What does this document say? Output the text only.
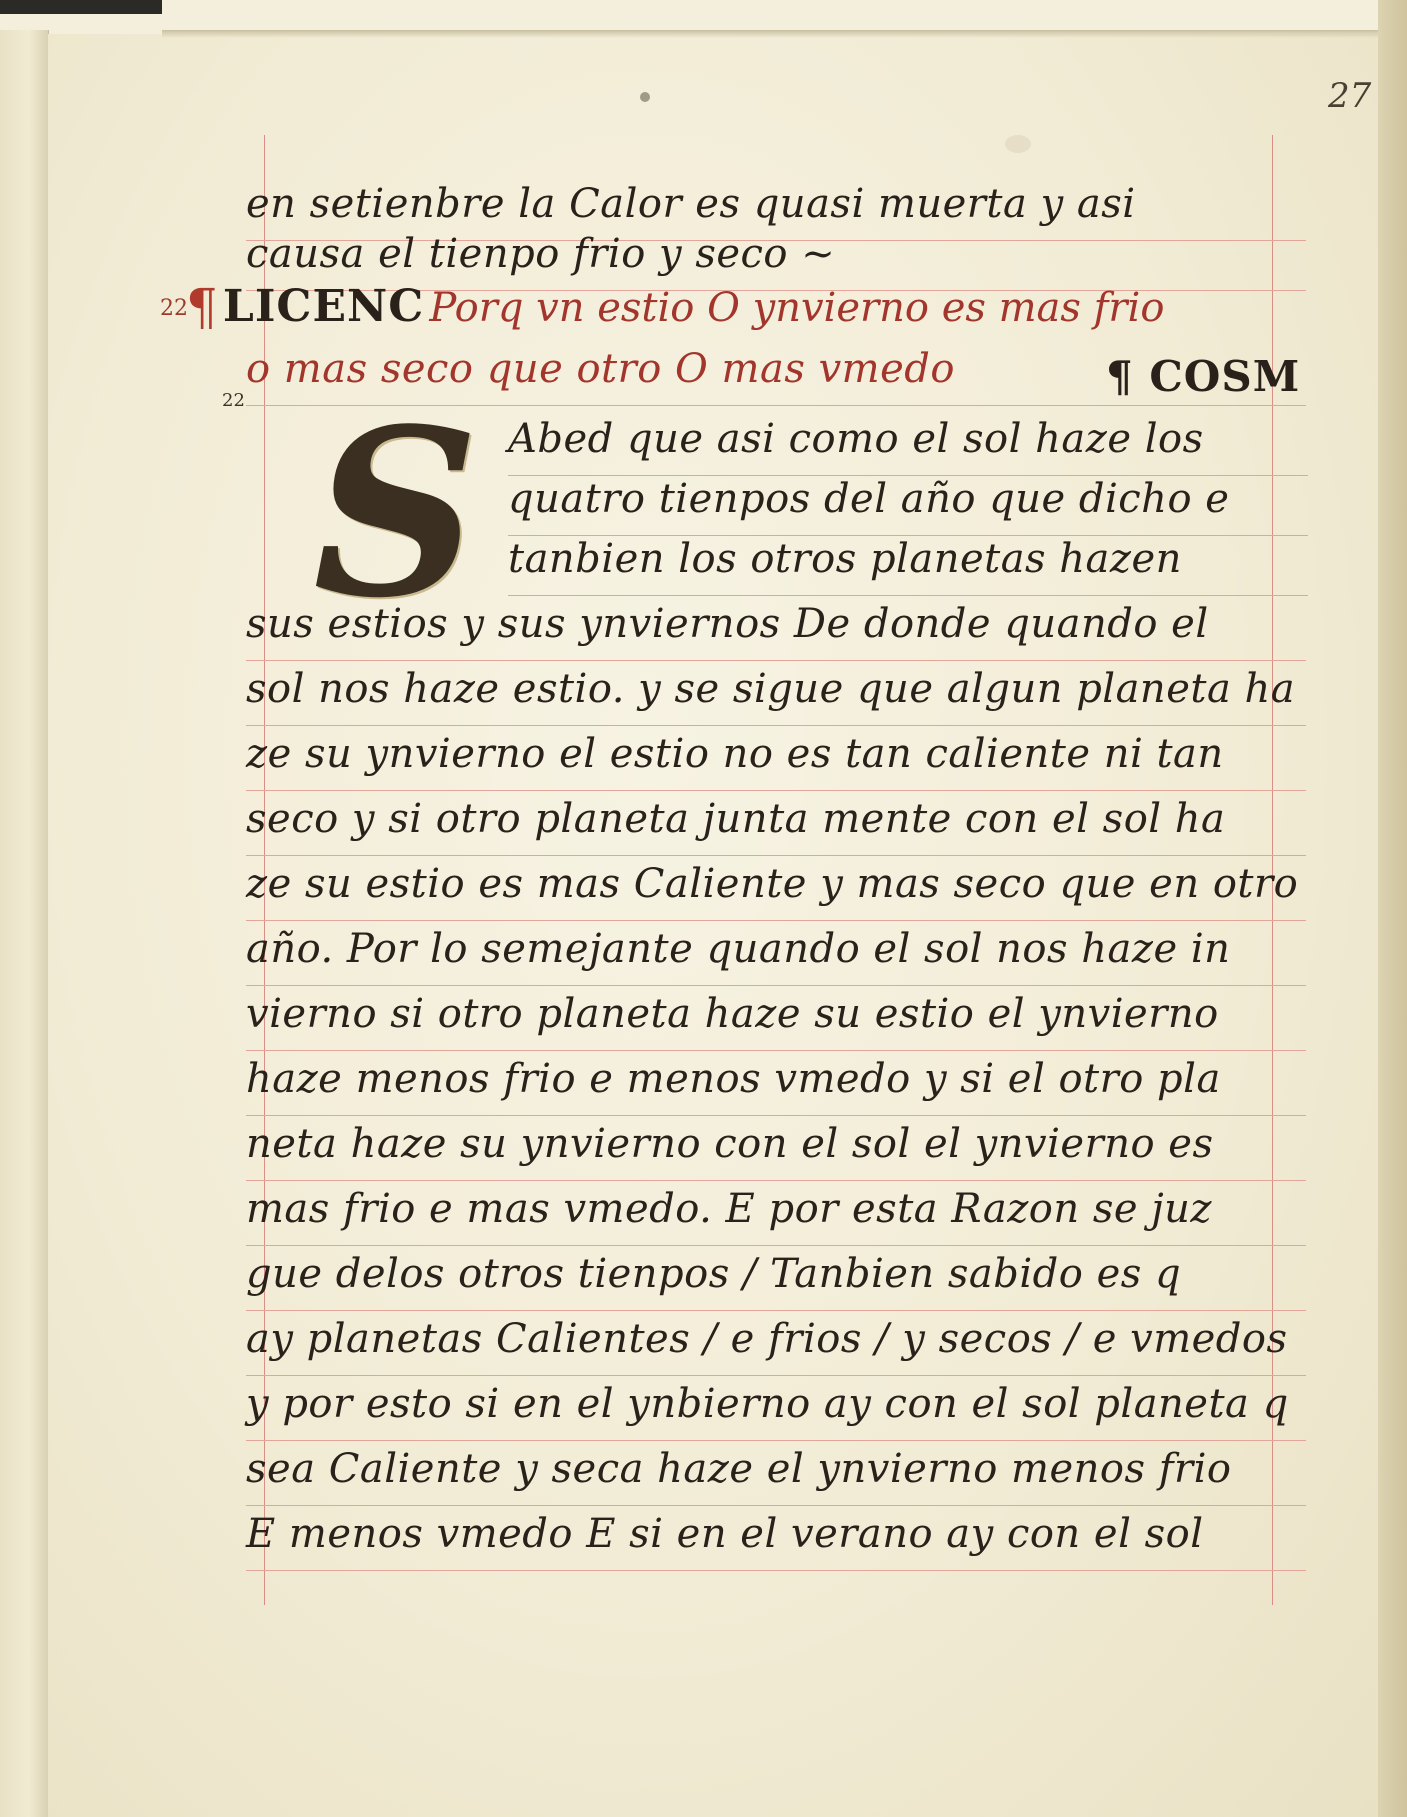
27
en setienbre la Calor es quasi muerta y asi
causa el tienpo frio y seco ~
o mas seco que otro O mas vmedo
Abed que asi como el sol haze los
quatro tienpos del año que dicho e
tanbien los otros planetas hazen
sus estios y sus ynviernos De donde quando el
sol nos haze estio. y se sigue que algun planeta ha
ze su ynvierno el estio no es tan caliente ni tan
seco y si otro planeta junta mente con el sol ha
ze su estio es mas Caliente y mas seco que en otro
año. Por lo semejante quando el sol nos haze in
vierno si otro planeta haze su estio el ynvierno
haze menos frio e menos vmedo y si el otro pla
neta haze su ynvierno con el sol el ynvierno es
mas frio e mas vmedo. E por esta Razon se juz
gue delos otros tienpos / Tanbien sabido es q
ay planetas Calientes / e frios / y secos / e vmedos
y por esto si en el ynbierno ay con el sol planeta q
sea Caliente y seca haze el ynvierno menos frio
E menos vmedo E si en el verano ay con el sol
22
22
¶ LICENC Porq vn estio O ynvierno es mas frio
¶ COSM
S
